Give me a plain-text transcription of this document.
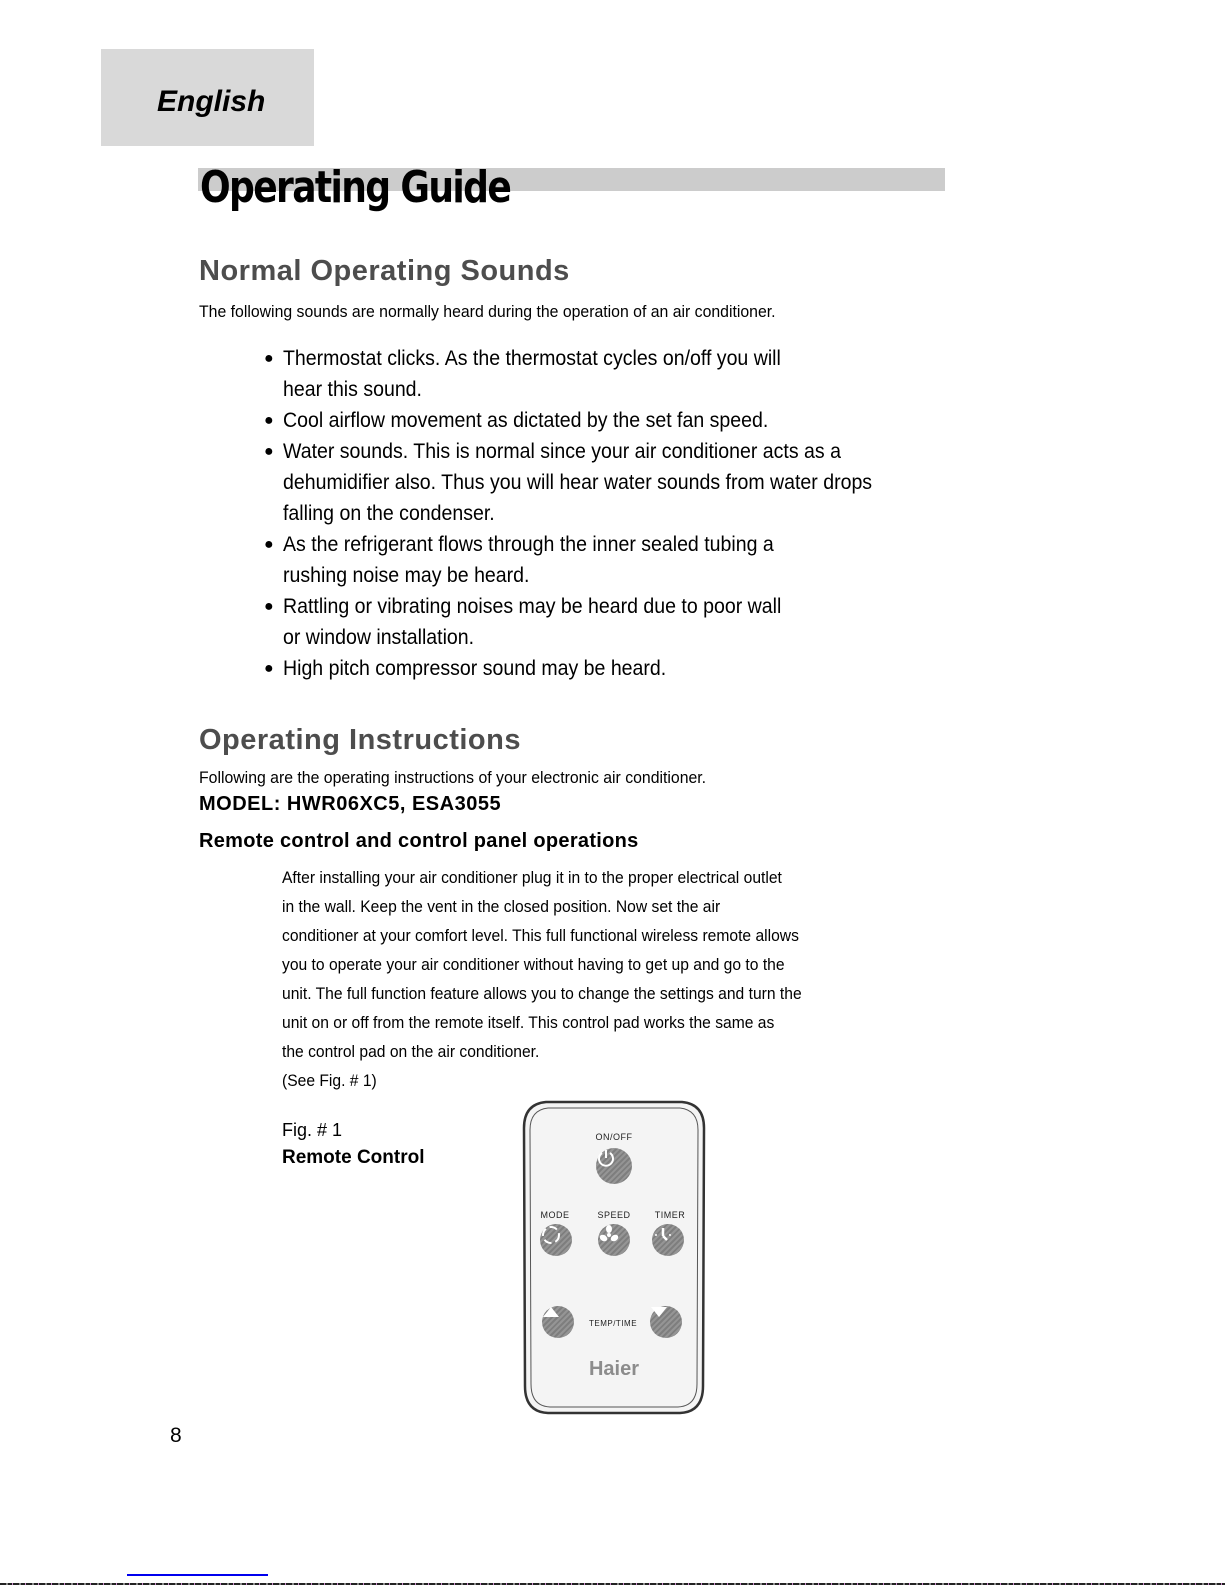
English
Operating Guide
Normal Operating Sounds
The following sounds are normally heard during the operation of an air conditioner.
● Thermostat clicks. As the thermostat cycles on/off you will
hear this sound.
● Cool airflow movement as dictated by the set fan speed.
● Water sounds. This is normal since your air conditioner acts as a
dehumidifier also. Thus you will hear water sounds from water drops
falling on the condenser.
● As the refrigerant flows through the inner sealed tubing a
rushing noise may be heard.
● Rattling or vibrating noises may be heard due to poor wall
or window installation.
● High pitch compressor sound may be heard.
Operating Instructions
Following are the operating instructions of your electronic air conditioner.
MODEL: HWR06XC5, ESA3055
Remote control and control panel operations

After installing your air conditioner plug it in to the proper electrical outlet

in the wall. Keep the vent in the closed position. Now set the air

conditioner at your comfort level. This full functional wireless remote allows

you to operate your air conditioner without having to get up and go to the

unit. The full function feature allows you to change the settings and turn the

unit on or off from the remote itself. This control pad works the same as

the control pad on the air conditioner.

(See Fig. # 1)

Fig. # 1
Remote Control
ON/OFF
MODE	SPEED	TIMER
TEMP/TIME
Haier
8
